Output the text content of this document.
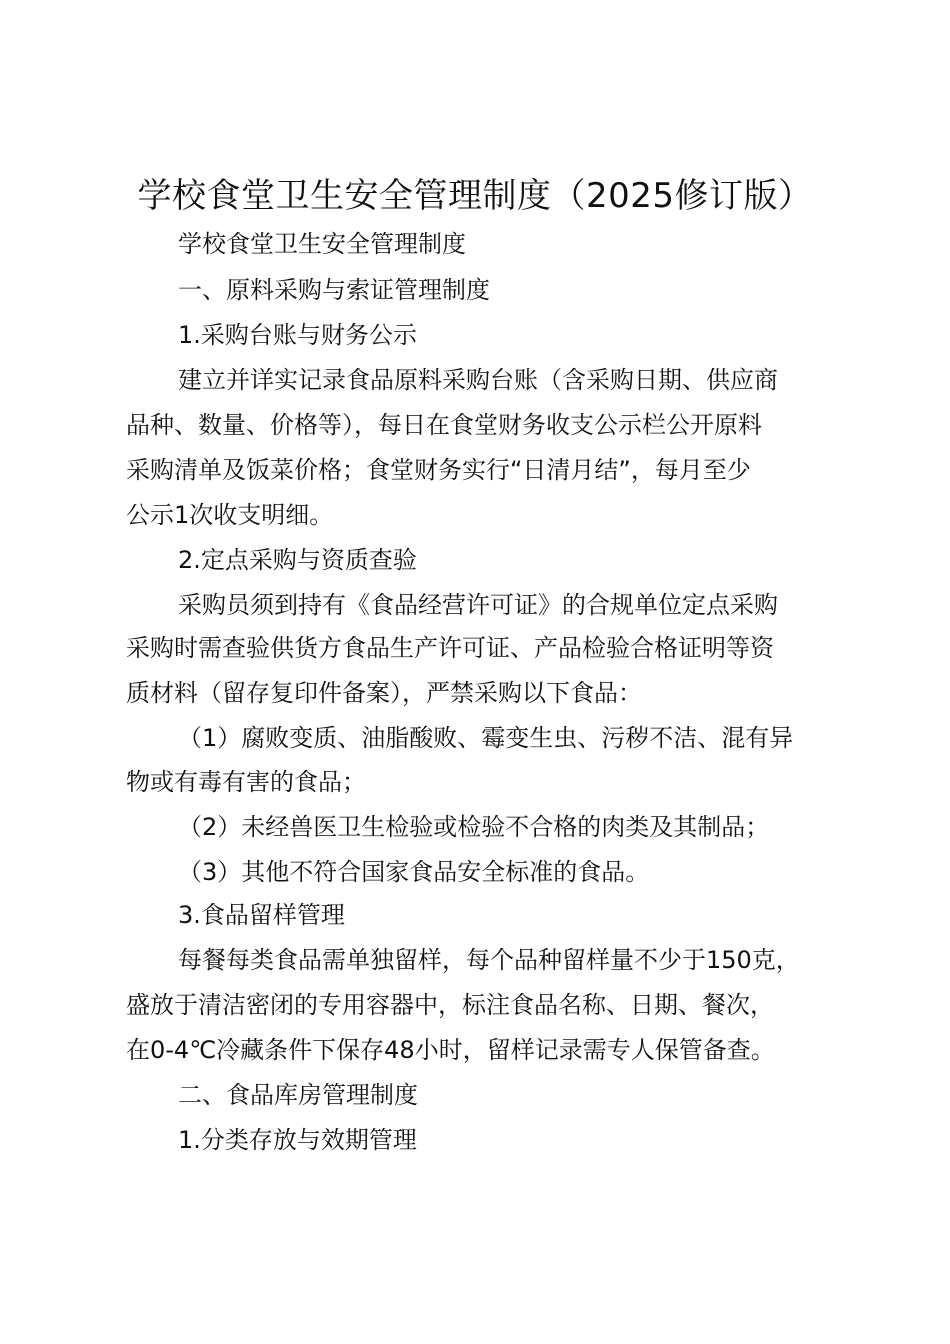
学校食堂卫生安全管理制度（2025修订版）

学校食堂卫生安全管理制度

一、原料采购与索证管理制度

1.采购台账与财务公示

建立并详实记录食品原料采购台账（含采购日期、供应商

品种、数量、价格等），每日在食堂财务收支公示栏公开原料

采购清单及饭菜价格；食堂财务实行“日清月结”，每月至少

公示1次收支明细。

2.定点采购与资质查验

采购员须到持有《食品经营许可证》的合规单位定点采购

采购时需查验供货方食品生产许可证、产品检验合格证明等资

质材料（留存复印件备案），严禁采购以下食品：

（1）腐败变质、油脂酸败、霉变生虫、污秽不洁、混有异

物或有毒有害的食品；

（2）未经兽医卫生检验或检验不合格的肉类及其制品；

（3）其他不符合国家食品安全标准的食品。

3.食品留样管理

每餐每类食品需单独留样，每个品种留样量不少于150克，

盛放于清洁密闭的专用容器中，标注食品名称、日期、餐次，

在0-4℃冷藏条件下保存48小时，留样记录需专人保管备查。

二、食品库房管理制度

1.分类存放与效期管理
